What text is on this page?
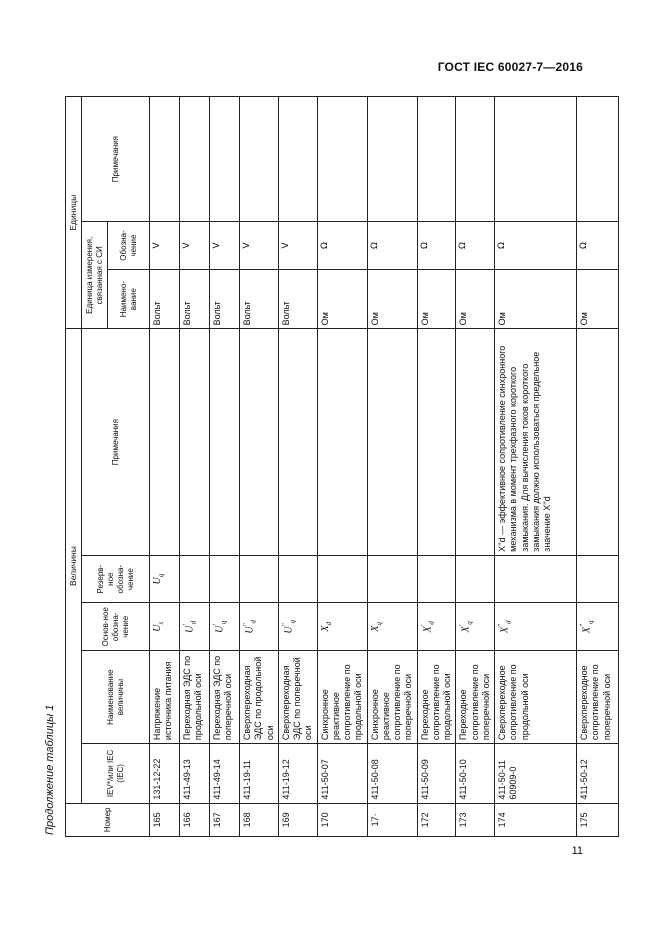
ГОСТ IEC 60027-7—2016
Продолжение таблицы 1	Номер	Величины					Единицы		
	IEV*/или IEC (IEC)	Наименование величины	Основ-ное обозна-чение	Резерв-ное обозна-чение	Примечания	Единица измерения, связанная с СИ		Примечания
						Наимено-вание	Обозна-чение	
165	131-12-22	Напряжение источника питания	$U_s$	$U_q$		Вольт	V	
166	411-49-13	Переходная ЭДС по продольной оси	$U'_d$			Вольт	V	
167	411-49-14	Переходная ЭДС по поперечной оси	$U'_q$			Вольт	V	
168	411-19-11	Сверхпереходная ЭДС по продольной оси	$U''_d$			Вольт	V	
169	411-19-12	Сверхпереходная ЭДС по поперечной оси	$U''_q$			Вольт	V	
170	411-50-07	Синхронное реактивное сопротивление по продольной оси	$X_d$			Ом	Ω	
17·	411-50-08	Синхронное реактивное сопротивление по поперечной оси	$X_q$			Ом	Ω	
172	411-50-09	Переходное сопротивление по продольной оси	$X'_d$			Ом	Ω	
173	411-50-10	Переходное сопротивление по поперечной оси	$X'_q$			Ом	Ω	
174	411-50-11 60909-0	Сверхпереходное сопротивление по продольной оси	$X''_d$		X''d — эффективное сопротивление синхронного механизма в момент трехфазного короткого замыкания. Для вычисления токов короткого замыкания должно использоваться предельное значение X''d	Ом	Ω	
175	411-50-12	Сверхпереходное сопротивление по поперечной оси	$X''_q$			Ом	Ω	
11
